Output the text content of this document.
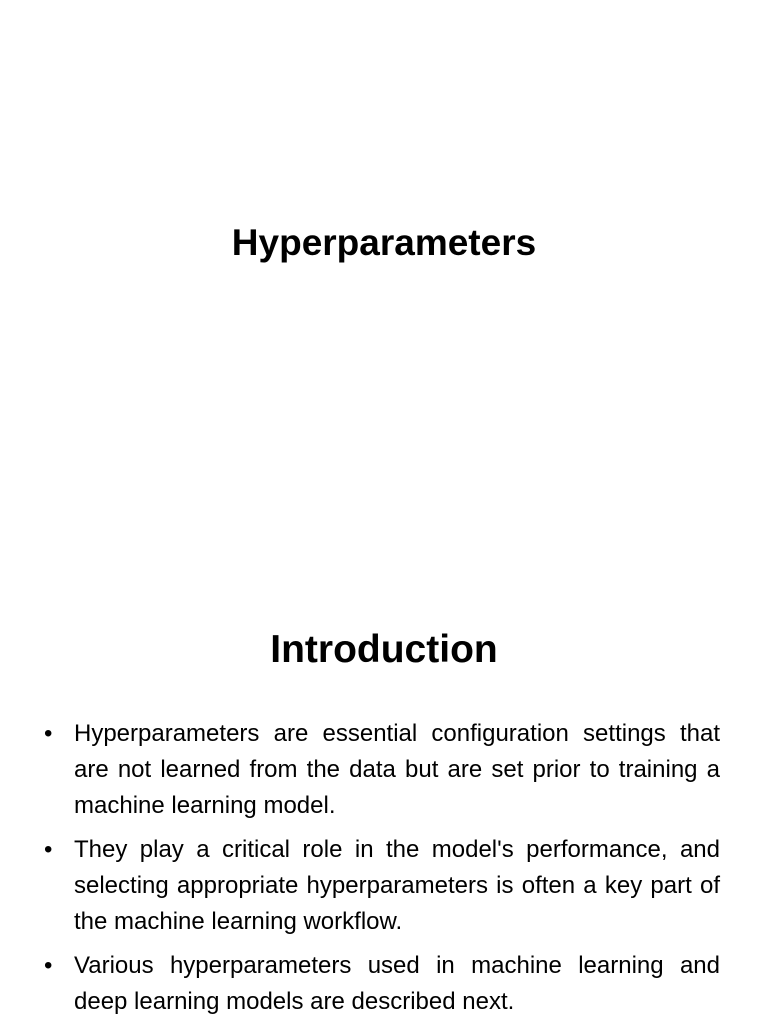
Hyperparameters
Introduction
• Hyperparameters are essential configuration settings that are not learned from the data but are set prior to training a machine learning model.
• They play a critical role in the model's performance, and selecting appropriate hyperparameters is often a key part of the machine learning workflow.
• Various hyperparameters used in machine learning and deep learning models are described next.
